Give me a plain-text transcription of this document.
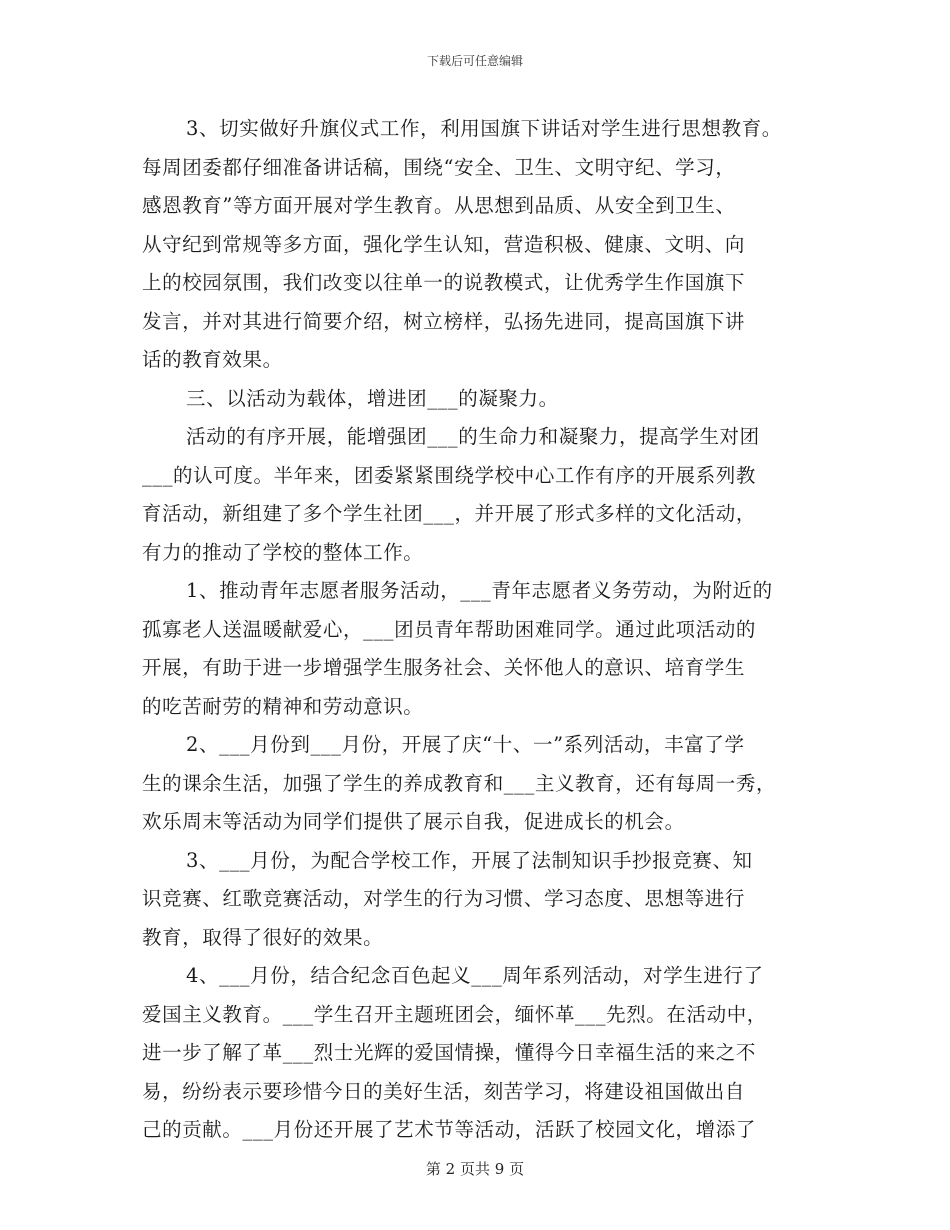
下载后可任意编辑
3、切实做好升旗仪式工作，利用国旗下讲话对学生进行思想教育。
每周团委都仔细准备讲话稿，围绕“安全、卫生、文明守纪、学习，
感恩教育”等方面开展对学生教育。从思想到品质、从安全到卫生、
从守纪到常规等多方面，强化学生认知，营造积极、健康、文明、向
上的校园氛围，我们改变以往单一的说教模式，让优秀学生作国旗下
发言，并对其进行简要介绍，树立榜样，弘扬先进同，提高国旗下讲
话的教育效果。
三、以活动为载体，增进团___的凝聚力。
活动的有序开展，能增强团___的生命力和凝聚力，提高学生对团
___的认可度。半年来，团委紧紧围绕学校中心工作有序的开展系列教
育活动，新组建了多个学生社团___，并开展了形式多样的文化活动，
有力的推动了学校的整体工作。
1、推动青年志愿者服务活动，___青年志愿者义务劳动，为附近的
孤寡老人送温暖献爱心，___团员青年帮助困难同学。通过此项活动的
开展，有助于进一步增强学生服务社会、关怀他人的意识、培育学生
的吃苦耐劳的精神和劳动意识。
2、___月份到___月份，开展了庆“十、一”系列活动，丰富了学
生的课余生活，加强了学生的养成教育和___主义教育，还有每周一秀，
欢乐周末等活动为同学们提供了展示自我，促进成长的机会。
3、___月份，为配合学校工作，开展了法制知识手抄报竞赛、知
识竞赛、红歌竞赛活动，对学生的行为习惯、学习态度、思想等进行
教育，取得了很好的效果。
4、___月份，结合纪念百色起义___周年系列活动，对学生进行了
爱国主义教育。___学生召开主题班团会，缅怀革___先烈。在活动中，
进一步了解了革___烈士光辉的爱国情操，懂得今日幸福生活的来之不
易，纷纷表示要珍惜今日的美好生活，刻苦学习，将建设祖国做出自
己的贡献。___月份还开展了艺术节等活动，活跃了校园文化，增添了
第 2 页共 9 页
